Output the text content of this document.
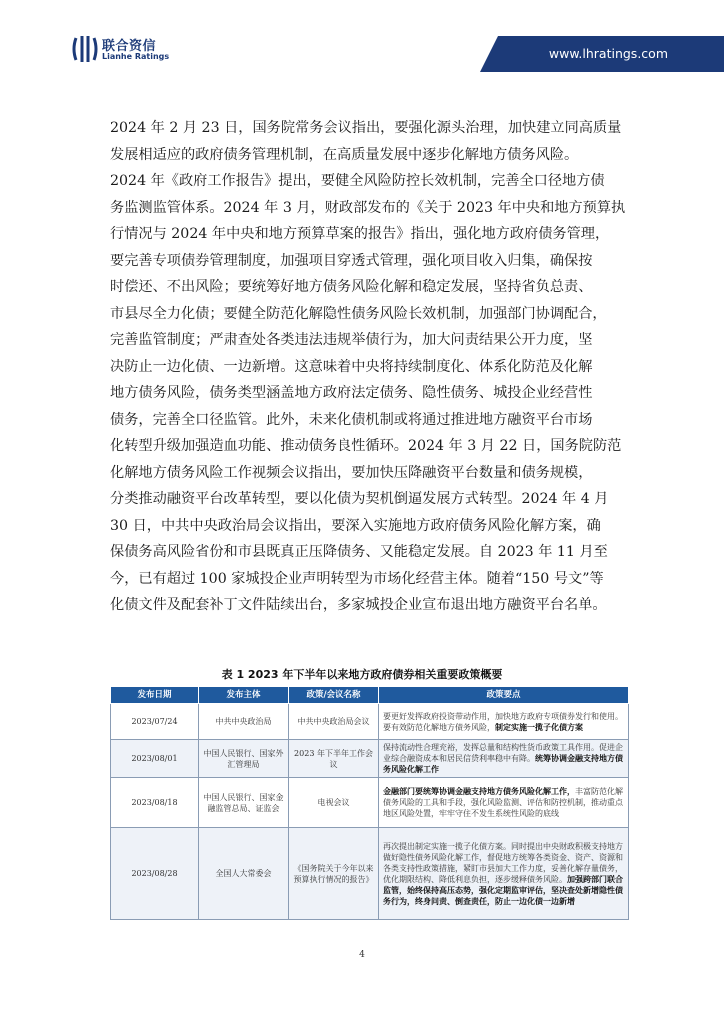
联合资信
Lianhe Ratings	www.lhratings.com
2024 年 2 月 23 日，国务院常务会议指出，要强化源头治理，加快建立同高质量
发展相适应的政府债务管理机制，在高质量发展中逐步化解地方债务风险。
2024 年《政府工作报告》提出，要健全风险防控长效机制，完善全口径地方债
务监测监管体系。2024 年 3 月，财政部发布的《关于 2023 年中央和地方预算执
行情况与 2024 年中央和地方预算草案的报告》指出，强化地方政府债务管理，
要完善专项债券管理制度，加强项目穿透式管理，强化项目收入归集，确保按
时偿还、不出风险；要统筹好地方债务风险化解和稳定发展，坚持省负总责、
市县尽全力化债；要健全防范化解隐性债务风险长效机制，加强部门协调配合，
完善监管制度；严肃查处各类违法违规举债行为，加大问责结果公开力度，坚
决防止一边化债、一边新增。这意味着中央将持续制度化、体系化防范及化解
地方债务风险，债务类型涵盖地方政府法定债务、隐性债务、城投企业经营性
债务，完善全口径监管。此外，未来化债机制或将通过推进地方融资平台市场
化转型升级加强造血功能、推动债务良性循环。2024 年 3 月 22 日，国务院防范
化解地方债务风险工作视频会议指出，要加快压降融资平台数量和债务规模，
分类推动融资平台改革转型，要以化债为契机倒逼发展方式转型。2024 年 4 月
30 日，中共中央政治局会议指出，要深入实施地方政府债务风险化解方案，确
保债务高风险省份和市县既真正压降债务、又能稳定发展。自 2023 年 11 月至
今，已有超过 100 家城投企业声明转型为市场化经营主体。随着“150 号文”等
化债文件及配套补丁文件陆续出台，多家城投企业宣布退出地方融资平台名单。
表 1 2023 年下半年以来地方政府债券相关重要政策概要
发布日期	发布主体	政策/会议名称	政策要点
2023/07/24	中共中央政治局	中共中央政治局会议	要更好发挥政府投资带动作用，加快地方政府专项债券发行和使用。要有效防范化解地方债务风险，制定实施一揽子化债方案
2023/08/01	中国人民银行、国家外汇管理局	2023 年下半年工作会议	保持流动性合理充裕，发挥总量和结构性货币政策工具作用。促进企业综合融资成本和居民信贷利率稳中有降。统筹协调金融支持地方债务风险化解工作
2023/08/18	中国人民银行、国家金融监管总局、证监会	电视会议	金融部门要统筹协调金融支持地方债务风险化解工作，丰富防范化解债务风险的工具和手段，强化风险监测、评估和防控机制，推动重点地区风险处置，牢牢守住不发生系统性风险的底线
2023/08/28	全国人大常委会	《国务院关于今年以来预算执行情况的报告》	再次提出制定实施一揽子化债方案。同时提出中央财政积极支持地方做好隐性债务风险化解工作，督促地方统筹各类资金、资产、资源和各类支持性政策措施，紧盯市县加大工作力度，妥善化解存量债务，优化期限结构、降低利息负担，逐步缓释债务风险。加强跨部门联合监管，始终保持高压态势，强化定期监审评估，坚决查处新增隐性债务行为，终身问责、倒查责任，防止一边化债一边新增
4
